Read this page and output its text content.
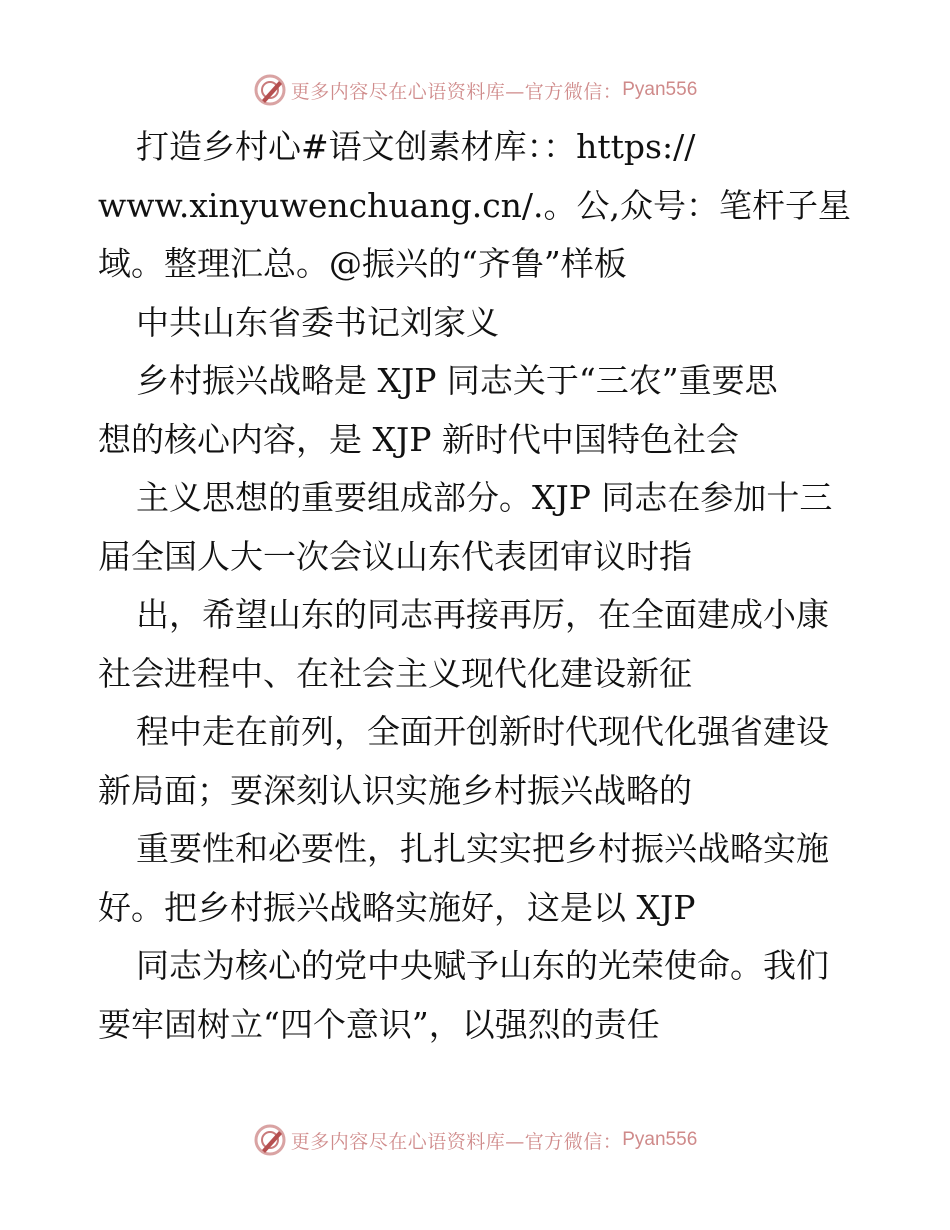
更多内容尽在心语资料库—官方微信： Pyan556
打造乡村心#语文创素材库：：https://
www.xinyuwenchuang.cn/.。公,众号：笔杆子星
域。整理汇总。@振兴的“齐鲁”样板
中共山东省委书记刘家义
乡村振兴战略是 XJP 同志关于“三农”重要思
想的核心内容，是 XJP 新时代中国特色社会
主义思想的重要组成部分。XJP 同志在参加十三
届全国人大一次会议山东代表团审议时指
出，希望山东的同志再接再厉，在全面建成小康
社会进程中、在社会主义现代化建设新征
程中走在前列，全面开创新时代现代化强省建设
新局面；要深刻认识实施乡村振兴战略的
重要性和必要性，扎扎实实把乡村振兴战略实施
好。把乡村振兴战略实施好，这是以 XJP
同志为核心的党中央赋予山东的光荣使命。我们
要牢固树立“四个意识”，以强烈的责任
更多内容尽在心语资料库—官方微信： Pyan556
